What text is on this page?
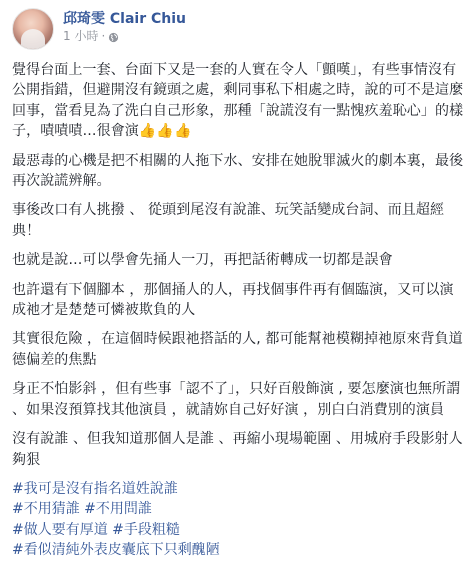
邱琦雯 Clair Chiu
1 小時 ·

覺得台面上一套、台面下又是一套的人實在令人「顫嘆」，有些事情沒有公開指錯，但避開沒有鏡頭之處，剩同事私下相處之時，說的可不是這麼回事，當看見為了洗白自己形象，那種「說謊沒有一點愧疚羞恥心」的樣子，嘖嘖嘖…很會演👍👍👍

最惡毒的心機是把不相關的人拖下水、安排在她脫罪滅火的劇本裏，最後再次說謊辨解。

事後改口有人挑撥 、 從頭到尾沒有說誰、玩笑話變成台詞、而且超經典！

也就是說…可以學會先捅人一刀，再把話術轉成一切都是誤會

也許還有下個腳本 ，那個捅人的人，再找個事件再有個臨演，又可以演成祂才是楚楚可憐被欺負的人

其實很危險 ，在這個時候跟祂搭話的人, 都可能幫祂模糊掉祂原來背負道德偏差的焦點

身正不怕影斜 ，但有些事「認不了」，只好百般飾演 , 要怎麼演也無所謂 、如果沒預算找其他演員 ，就請妳自己好好演 ，別白白消費別的演員

沒有說誰 、但我知道那個人是誰 、再縮小現場範圍 、用城府手段影射人夠狠

#我可是沒有指名道姓說誰
#不用猜誰 #不用問誰
#做人要有厚道 #手段粗糙
#看似清純外表皮囊底下只剩醜陋
